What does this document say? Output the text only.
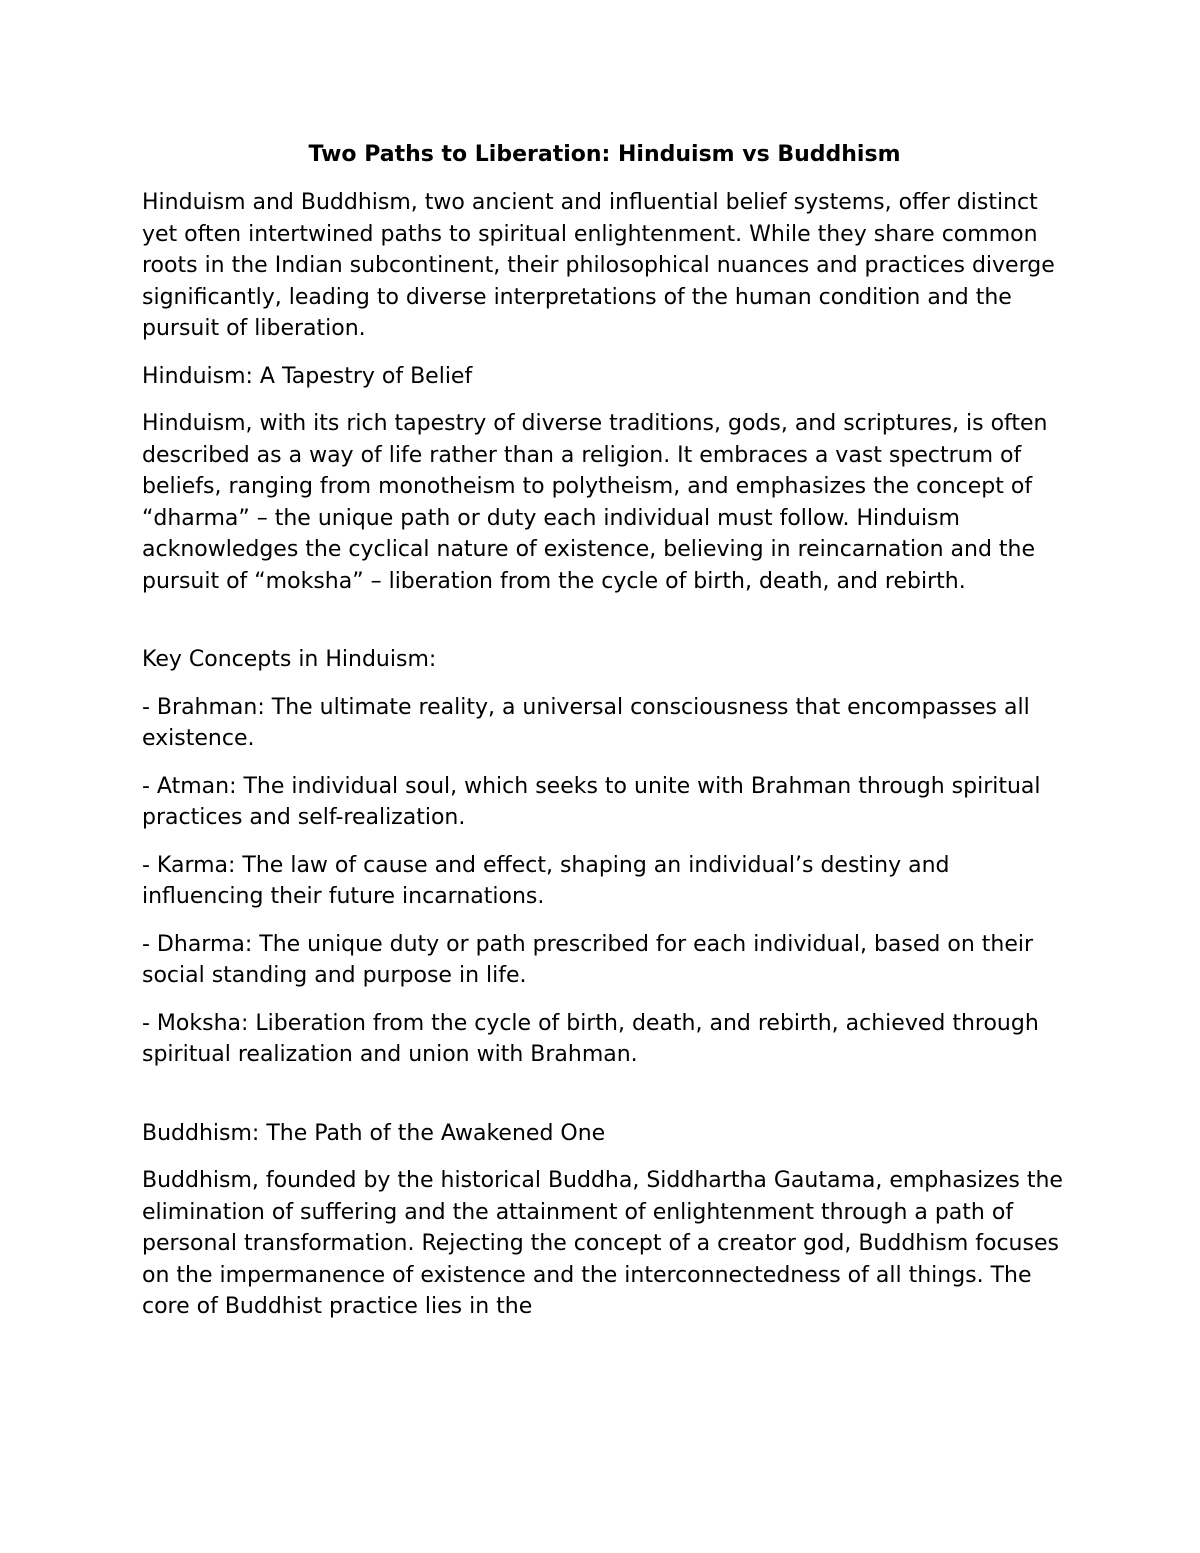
Two Paths to Liberation: Hinduism vs Buddhism

Hinduism and Buddhism, two ancient and influential belief systems, offer distinct yet often intertwined paths to spiritual enlightenment. While they share common roots in the Indian subcontinent, their philosophical nuances and practices diverge significantly, leading to diverse interpretations of the human condition and the pursuit of liberation.

Hinduism: A Tapestry of Belief

Hinduism, with its rich tapestry of diverse traditions, gods, and scriptures, is often described as a way of life rather than a religion. It embraces a vast spectrum of beliefs, ranging from monotheism to polytheism, and emphasizes the concept of “dharma” – the unique path or duty each individual must follow. Hinduism acknowledges the cyclical nature of existence, believing in reincarnation and the pursuit of “moksha” – liberation from the cycle of birth, death, and rebirth.

Key Concepts in Hinduism:

- Brahman: The ultimate reality, a universal consciousness that encompasses all existence.
- Atman: The individual soul, which seeks to unite with Brahman through spiritual practices and self-realization.
- Karma: The law of cause and effect, shaping an individual’s destiny and influencing their future incarnations.
- Dharma: The unique duty or path prescribed for each individual, based on their social standing and purpose in life.
- Moksha: Liberation from the cycle of birth, death, and rebirth, achieved through spiritual realization and union with Brahman.

Buddhism: The Path of the Awakened One

Buddhism, founded by the historical Buddha, Siddhartha Gautama, emphasizes the elimination of suffering and the attainment of enlightenment through a path of personal transformation. Rejecting the concept of a creator god, Buddhism focuses on the impermanence of existence and the interconnectedness of all things. The core of Buddhist practice lies in the
